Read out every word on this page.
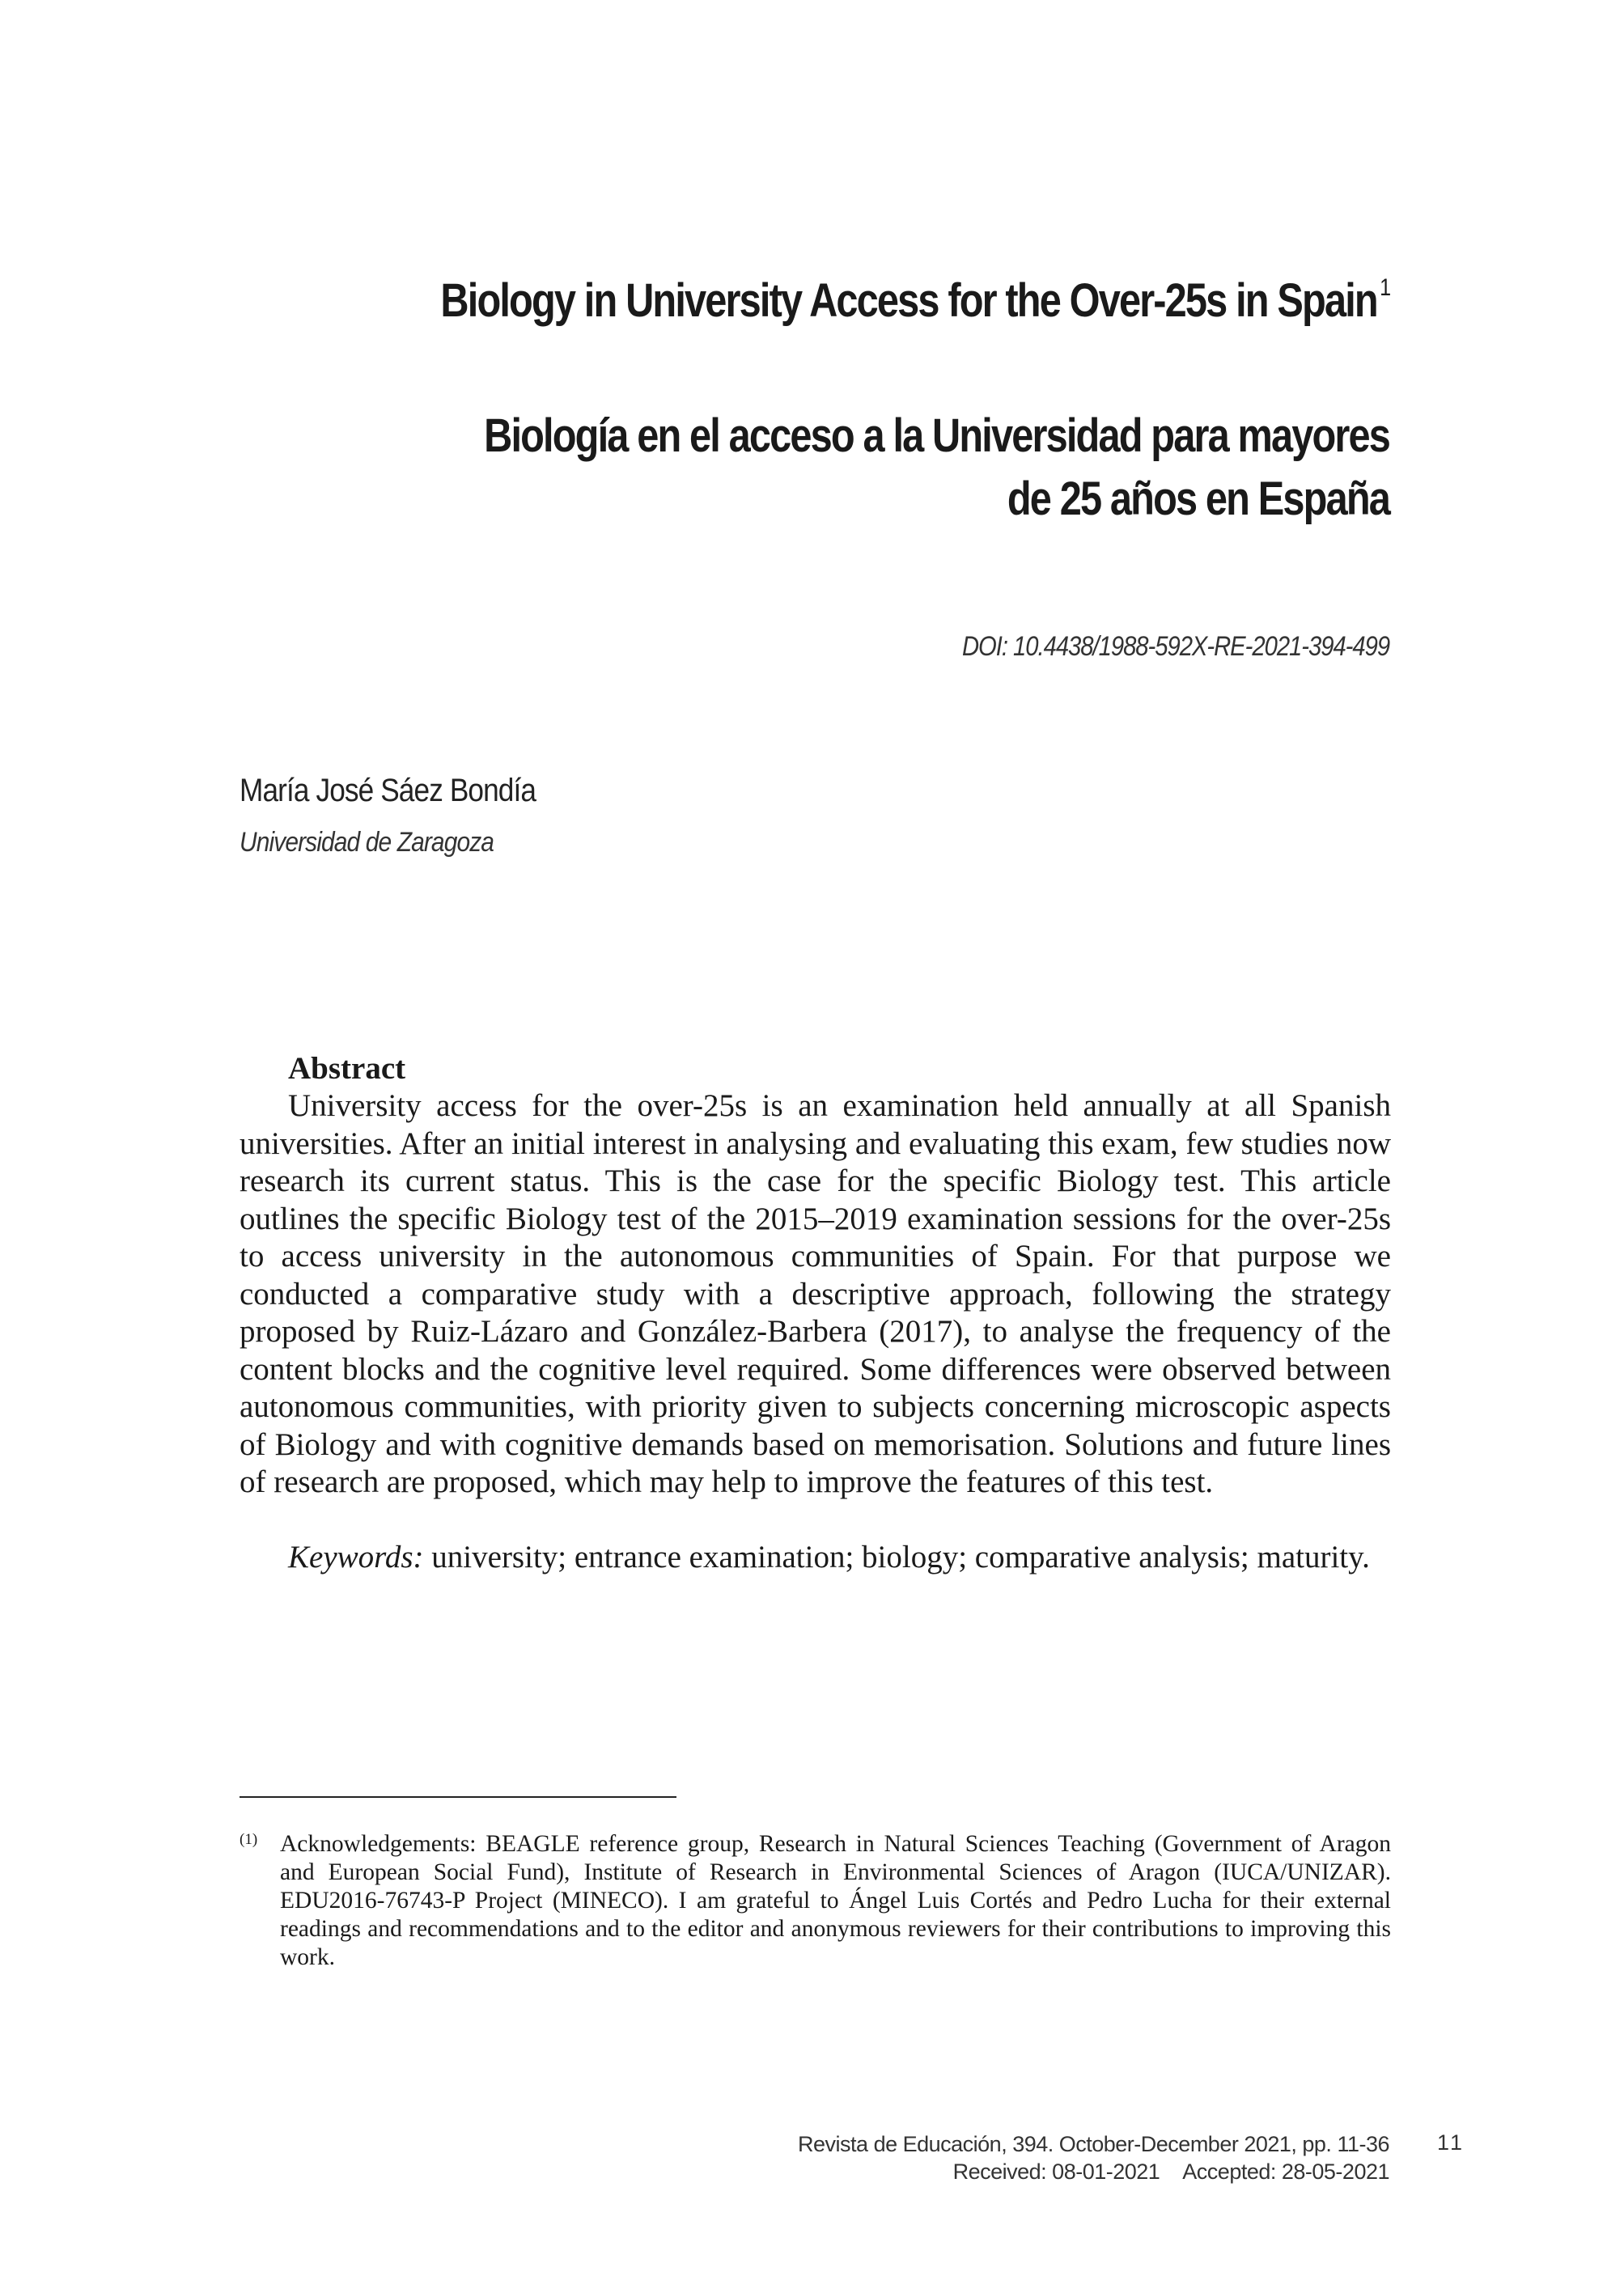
Biology in University Access for the Over-25s in Spain $^1$
Biología en el acceso a la Universidad para mayores
de 25 años en España
DOI: 10.4438/1988-592X-RE-2021-394-499
María José Sáez Bondía
Universidad de Zaragoza
Abstract

University access for the over-25s is an examination held annually at all Spanish universities. After an initial interest in analysing and evaluating this exam, few studies now research its current status. This is the case for the specific Biology test. This article outlines the specific Biology test of the 2015–2019 examination sessions for the over-25s to access university in the autonomous communities of Spain. For that purpose we conducted a comparative study with a descriptive approach, following the strategy proposed by Ruiz-Lázaro and González-Barbera (2017), to analyse the frequency of the content blocks and the cognitive level required. Some differences were observed between autonomous communities, with priority given to subjects concerning microscopic aspects of Biology and with cognitive demands based on memorisation. Solutions and future lines of research are proposed, which may help to improve the features of this test.

Keywords: university; entrance examination; biology; comparative analysis; maturity.

(1) Acknowledgements: BEAGLE reference group, Research in Natural Sciences Teaching (Government of Aragon and European Social Fund), Institute of Research in Environmental Sciences of Aragon (IUCA/UNIZAR). EDU2016-76743-P Project (MINECO). I am grateful to Ángel Luis Cortés and Pedro Lucha for their external readings and recommendations and to the editor and anonymous reviewers for their contributions to improving this work.

Revista de Educación, 394. October-December 2021, pp. 11-36
Received: 08-01-2021 Accepted: 28-05-2021
11
